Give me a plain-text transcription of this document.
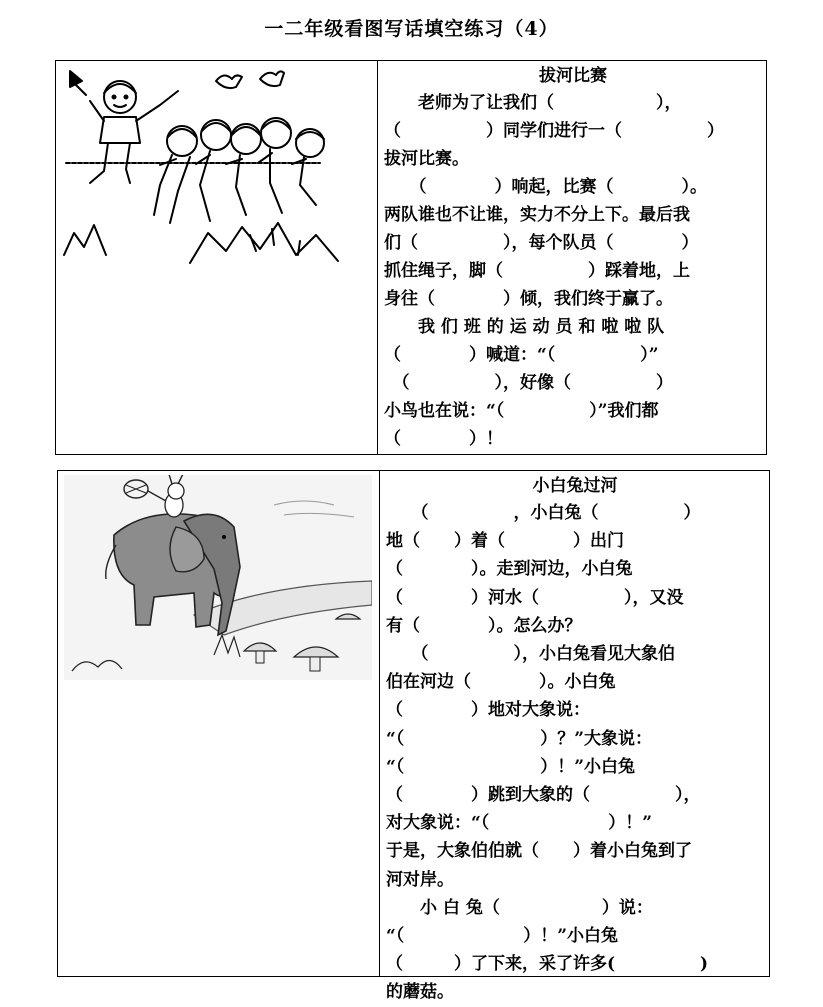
一二年级看图写话填空练习（4）
拔河比赛
　　老师为了让我们（　　　　　　），
（　　　　　）同学们进行一（　　　　　）
拔河比赛。
　　（　　　　）响起，比赛（　　　　）。
两队谁也不让谁，实力不分上下。最后我
们（　　　　　），每个队员（　　　　）
抓住绳子，脚（　　　　　）踩着地，上
身往（　　　　）倾，我们终于赢了。
　　我 们 班 的 运 动 员 和 啦 啦 队
（　　　　）喊道：“（　　　　　）”
　（　　　　　），好像（　　　　　）
小鸟也在说：“（　　　　　）”我们都
（　　　　）！
小白兔过河
　　（　　　　　，小白兔（　　　　　）
地（　　）着（　　　　）出门
（　　　　）。走到河边，小白兔
（　　　　）河水（　　　　　），又没
有（　　　　）。怎么办？
　　（　　　　　），小白兔看见大象伯
伯在河边（　　　　）。小白兔
（　　　　）地对大象说：
“（　　　　　　　　）？”大象说：
“（　　　　　　　　）！”小白兔
（　　　　）跳到大象的（　　　　　），
对大象说：“（　　　　　　　）！”
于是，大象伯伯就（　　）着小白兔到了
河对岸。
　　小 白 兔（　　　　　　）说：
“（　　　　　　　）！”小白兔
（　　　）了下来，采了许多(　　　　　)
的蘑菇。
